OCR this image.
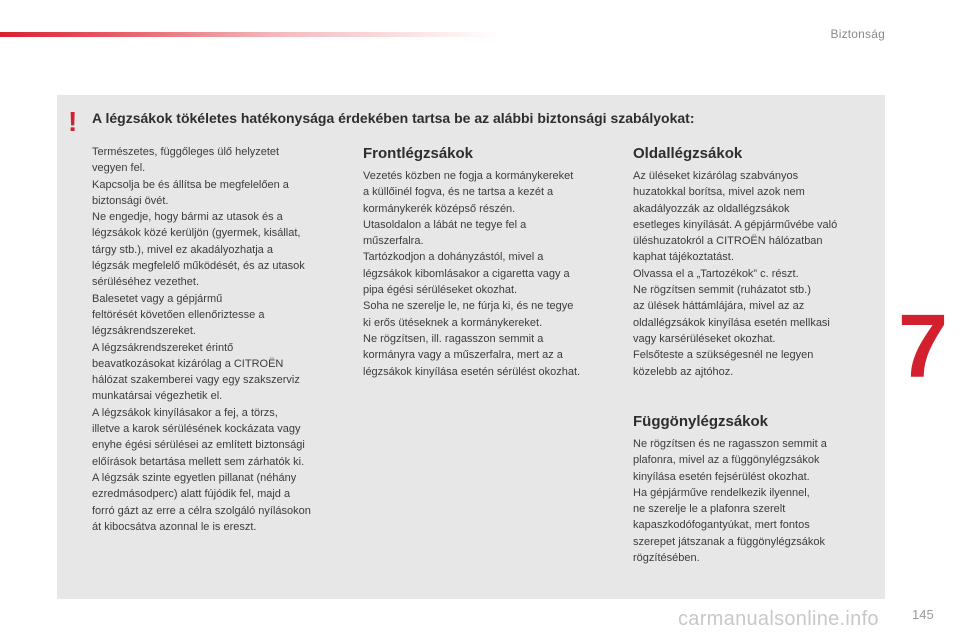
Biztonság
! A légzsákok tökéletes hatékonysága érdekében tartsa be az alábbi biztonsági szabályokat:

Természetes, függőleges ülő helyzetet

vegyen fel.

Kapcsolja be és állítsa be megfelelően a

biztonsági övét.

Ne engedje, hogy bármi az utasok és a

légzsákok közé kerüljön (gyermek, kisállat,

tárgy stb.), mivel ez akadályozhatja a

légzsák megfelelő működését, és az utasok

sérüléséhez vezethet.

Balesetet vagy a gépjármű

feltörését követően ellenőriztesse a

légzsákrendszereket.

A légzsákrendszereket érintő

beavatkozásokat kizárólag a CITROËN

hálózat szakemberei vagy egy szakszerviz

munkatársai végezhetik el.

A légzsákok kinyílásakor a fej, a törzs,

illetve a karok sérülésének kockázata vagy

enyhe égési sérülései az említett biztonsági

előírások betartása mellett sem zárhatók ki.

A légzsák szinte egyetlen pillanat (néhány

ezredmásodperc) alatt fújódik fel, majd a

forró gázt az erre a célra szolgáló nyílásokon

át kibocsátva azonnal le is ereszt.

Frontlégzsákok

Vezetés közben ne fogja a kormánykereket

a küllőinél fogva, és ne tartsa a kezét a

kormánykerék középső részén.

Utasoldalon a lábát ne tegye fel a

műszerfalra.

Tartózkodjon a dohányzástól, mivel a

légzsákok kibomlásakor a cigaretta vagy a

pipa égési sérüléseket okozhat.

Soha ne szerelje le, ne fúrja ki, és ne tegye

ki erős ütéseknek a kormánykereket.

Ne rögzítsen, ill. ragasszon semmit a

kormányra vagy a műszerfalra, mert az a

légzsákok kinyílása esetén sérülést okozhat.

Oldallégzsákok

Az üléseket kizárólag szabványos

huzatokkal borítsa, mivel azok nem

akadályozzák az oldallégzsákok

esetleges kinyílását. A gépjárművébe való

üléshuzatokról a CITROËN hálózatban

kaphat tájékoztatást.

Olvassa el a „Tartozékok” c. részt.

Ne rögzítsen semmit (ruházatot stb.)

az ülések háttámlájára, mivel az az

oldallégzsákok kinyílása esetén mellkasi

vagy karsérüléseket okozhat.

Felsőteste a szükségesnél ne legyen

közelebb az ajtóhoz.

Függönylégzsákok

Ne rögzítsen és ne ragasszon semmit a

plafonra, mivel az a függönylégzsákok

kinyílása esetén fejsérülést okozhat.

Ha gépjárműve rendelkezik ilyennel,

ne szerelje le a plafonra szerelt

kapaszkodófogantyúkat, mert fontos

szerepet játszanak a függönylégzsákok

rögzítésében.

7
carmanualsonline.info	145
